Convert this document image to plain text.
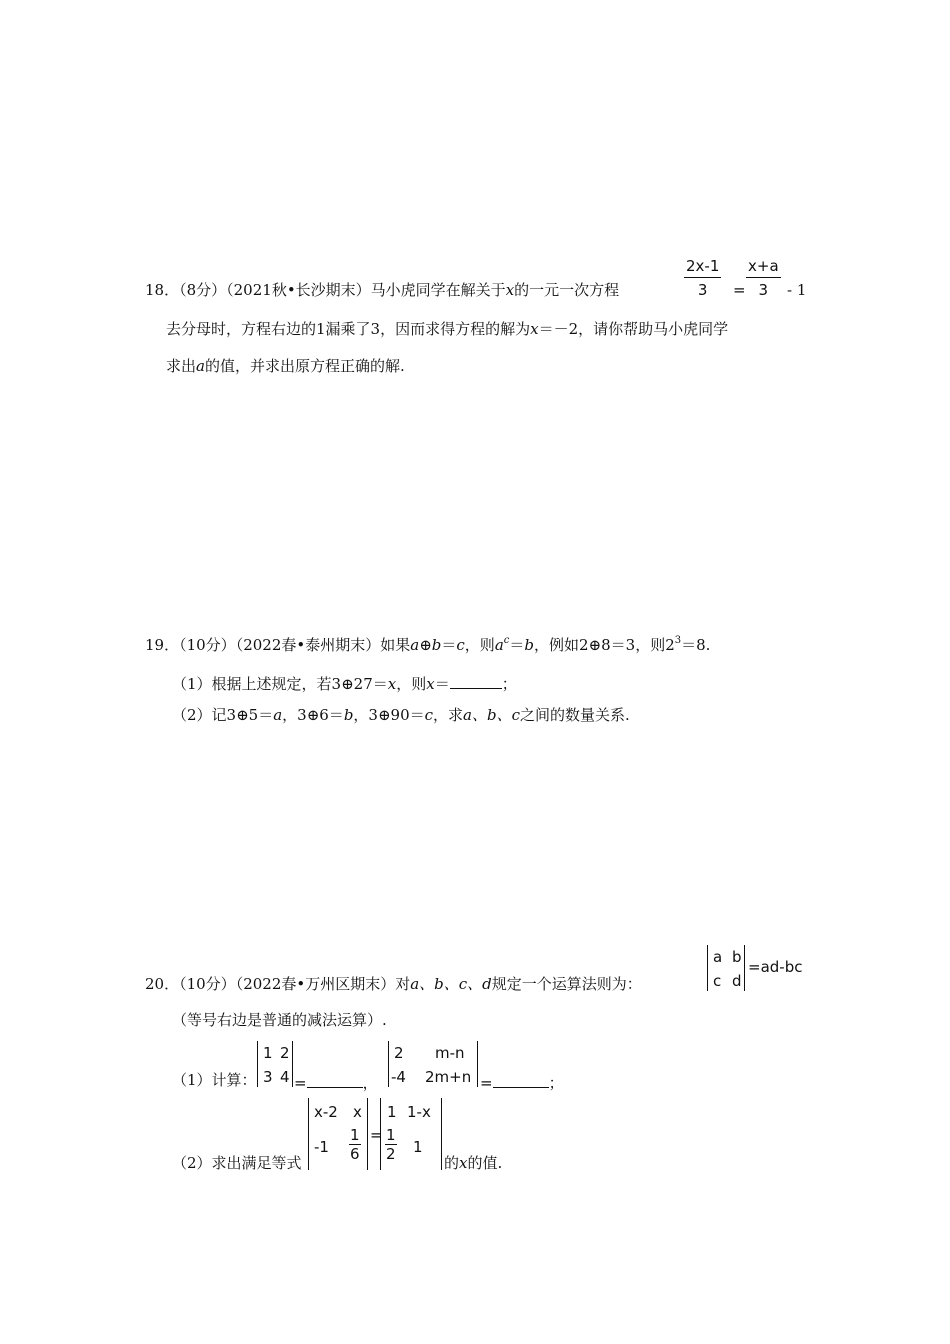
18．（8分）（2021秋•长沙期末）马小虎同学在解关于x的一元一次方程	$\frac{2x-1}{3} = \frac{x+a}{3} - 1$
去分母时，方程右边的1漏乘了3，因而求得方程的解为x＝－2，请你帮助马小虎同学
求出a的值，并求出原方程正确的解.
19．（10分）（2022春•泰州期末）如果a⊕b＝c，则$a^c=b$，例如2⊕8＝3，则$2^3=8$.
（1）根据上述规定，若3⊕27＝x，则x＝	；
（2）记3⊕5＝a，3⊕6＝b，3⊕90＝c，求a、b、c之间的数量关系.
20．（10分）（2022春•万州区期末）对a、b、c、d规定一个运算法则为：
a b
c d
=ad-bc
（等号右边是普通的减法运算）.
（1）计算：
1 2
3 4 =	，
2 m-n
-4 2m+n =	；
（2）求出满足等式
x-2 x
$-1 \frac{1}{6}$ =
1 1-x
$\frac{1}{2} 1$
的x的值.
